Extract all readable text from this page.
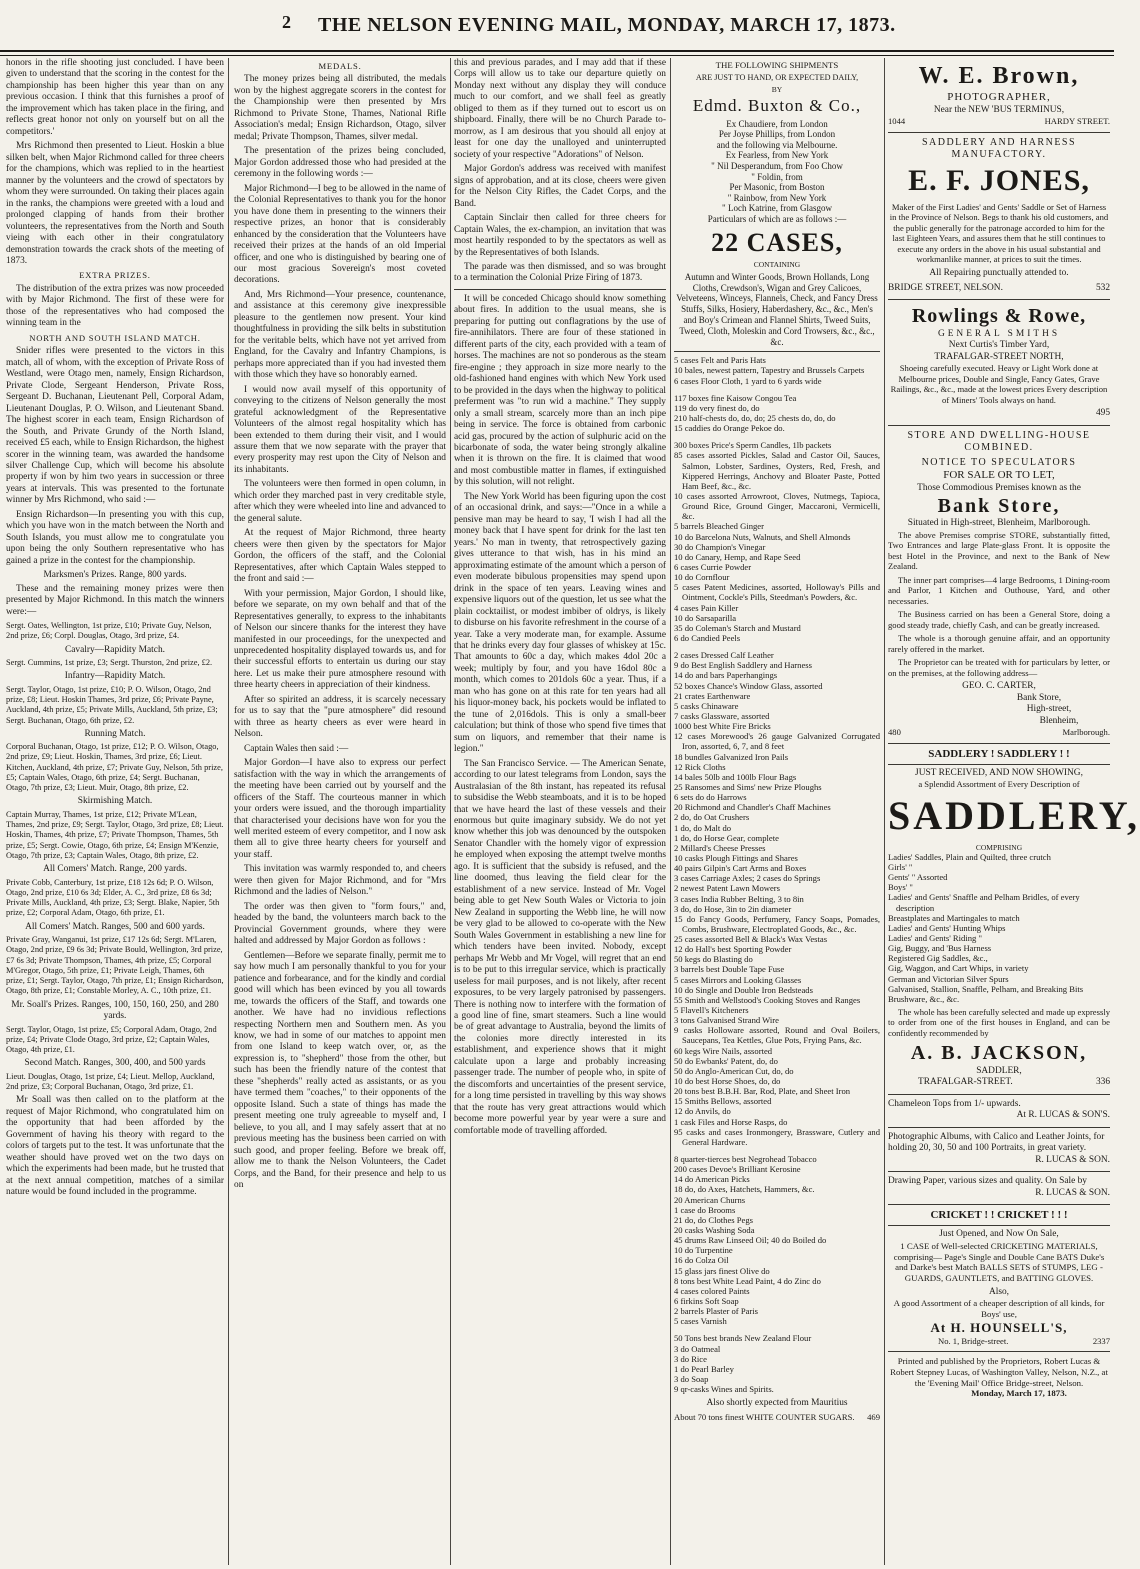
2 THE NELSON EVENING MAIL, MONDAY, MARCH 17, 1873.

honors in the rifle shooting just concluded. I have been given to understand that the scoring in the contest for the championship has been higher this year than on any previous occasion. I think that this furnishes a proof of the improvement which has taken place in the firing, and reflects great honor not only on yourself but on all the competitors.'

Mrs Richmond then presented to Lieut. Hoskin a blue silken belt, when Major Richmond called for three cheers for the champions, which was replied to in the heartiest manner by the volunteers and the crowd of spectators by whom they were surrounded. On taking their places again in the ranks, the champions were greeted with a loud and prolonged clapping of hands from their brother volunteers, the representatives from the North and South vieing with each other in their congratulatory demonstration towards the crack shots of the meeting of 1873.

EXTRA PRIZES.

The distribution of the extra prizes was now proceeded with by Major Richmond. The first of these were for those of the representatives who had composed the winning team in the

NORTH AND SOUTH ISLAND MATCH.

Snider rifles were presented to the victors in this match, all of whom, with the exception of Private Ross of Westland, were Otago men, namely, Ensign Richardson, Private Clode, Sergeant Henderson, Private Ross, Sergeant D. Buchanan, Lieutenant Pell, Corporal Adam, Lieutenant Douglas, P. O. Wilson, and Lieutenant Sband. The highest scorer in each team, Ensign Richardson of the South, and Private Grundy of the North Island, received £5 each, while to Ensign Richardson, the highest scorer in the winning team, was awarded the handsome silver Challenge Cup, which will become his absolute property if won by him two years in succession or three years at intervals. This was presented to the fortunate winner by Mrs Richmond, who said :—

Ensign Richardson—In presenting you with this cup, which you have won in the match between the North and South Islands, you must allow me to congratulate you upon being the only Southern representative who has gained a prize in the contest for the championship.

Marksmen's Prizes. Range, 800 yards.

These and the remaining money prizes were then presented by Major Richmond. In this match the winners were:—

Sergt. Oates, Wellington, 1st prize, £10; Private Guy, Nelson, 2nd prize, £6; Corpl. Douglas, Otago, 3rd prize, £4.

Cavalry—Rapidity Match.

Sergt. Cummins, 1st prize, £3; Sergt. Thurston, 2nd prize, £2.

Infantry—Rapidity Match.

Sergt. Taylor, Otago, 1st prize, £10; P. O. Wilson, Otago, 2nd prize, £8; Lieut. Hoskin Thames, 3rd prize, £6; Private Payne, Auckland, 4th prize, £5; Private Mills, Auckland, 5th prize, £3; Sergt. Buchanan, Otago, 6th prize, £2.

Running Match.

Corporal Buchanan, Otago, 1st prize, £12; P. O. Wilson, Otago, 2nd prize, £9; Lieut. Hoskin, Thames, 3rd prize, £6; Lieut. Kitchen, Auckland, 4th prize, £7; Private Guy, Nelson, 5th prize, £5; Captain Wales, Otago, 6th prize, £4; Sergt. Buchanan, Otago, 7th prize, £3; Lieut. Muir, Otago, 8th prize, £2.

Skirmishing Match.

Captain Murray, Thames, 1st prize, £12; Private M'Lean, Thames, 2nd prize, £9; Sergt. Taylor, Otago, 3rd prize, £8; Lieut. Hoskin, Thames, 4th prize, £7; Private Thompson, Thames, 5th prize, £5; Sergt. Cowie, Otago, 6th prize, £4; Ensign M'Kenzie, Otago, 7th prize, £3; Captain Wales, Otago, 8th prize, £2.

All Comers' Match. Range, 200 yards.

Private Cobb, Canterbury, 1st prize, £18 12s 6d; P. O. Wilson, Otago, 2nd prize, £10 6s 3d; Elder, A. C., 3rd prize, £8 6s 3d; Private Mills, Auckland, 4th prize, £3; Sergt. Blake, Napier, 5th prize, £2; Corporal Adam, Otago, 6th prize, £1.

All Comers' Match. Ranges, 500 and 600 yards.

Private Gray, Wanganui, 1st prize, £17 12s 6d; Sergt. M'Laren, Otago, 2nd prize, £9 6s 3d; Private Bould, Wellington, 3rd prize, £7 6s 3d; Private Thompson, Thames, 4th prize, £5; Corporal M'Gregor, Otago, 5th prize, £1; Private Leigh, Thames, 6th prize, £1; Sergt. Taylor, Otago, 7th prize, £1; Ensign Richardson, Otago, 8th prize, £1; Constable Morley, A. C., 10th prize, £1.

Mr. Soall's Prizes. Ranges, 100, 150, 160, 250, and 280 yards.

Sergt. Taylor, Otago, 1st prize, £5; Corporal Adam, Otago, 2nd prize, £4; Private Clode Otago, 3rd prize, £2; Captain Wales, Otago, 4th prize, £1.

Second Match. Ranges, 300, 400, and 500 yards

Lieut. Douglas, Otago, 1st prize, £4; Lieut. Mellop, Auckland, 2nd prize, £3; Corporal Buchanan, Otago, 3rd prize, £1.

Mr Soall was then called on to the platform at the request of Major Richmond, who congratulated him on the opportunity that had been afforded by the Government of having his theory with regard to the colors of targets put to the test. It was unfortunate that the weather should have proved wet on the two days on which the experiments had been made, but he trusted that at the next annual competition, matches of a similar nature would be found included in the programme.

MEDALS.

The money prizes being all distributed, the medals won by the highest aggregate scorers in the contest for the Championship were then presented by Mrs Richmond to Private Stone, Thames, National Rifle Association's medal; Ensign Richardson, Otago, silver medal; Private Thompson, Thames, silver medal.

The presentation of the prizes being concluded, Major Gordon addressed those who had presided at the ceremony in the following words :—

Major Richmond—I beg to be allowed in the name of the Colonial Representatives to thank you for the honor you have done them in presenting to the winners their respective prizes, an honor that is considerably enhanced by the consideration that the Volunteers have received their prizes at the hands of an old Imperial officer, and one who is distinguished by bearing one of our most gracious Sovereign's most coveted decorations.

And, Mrs Richmond—Your presence, countenance, and assistance at this ceremony give inexpressible pleasure to the gentlemen now present. Your kind thoughtfulness in providing the silk belts in substitution for the veritable belts, which have not yet arrived from England, for the Cavalry and Infantry Champions, is perhaps more appreciated than if you had invested them with those which they have so honorably earned.

I would now avail myself of this opportunity of conveying to the citizens of Nelson generally the most grateful acknowledgment of the Representative Volunteers of the almost regal hospitality which has been extended to them during their visit, and I would assure them that we now separate with the prayer that every prosperity may rest upon the City of Nelson and its inhabitants.

The volunteers were then formed in open column, in which order they marched past in very creditable style, after which they were wheeled into line and advanced to the general salute.

At the request of Major Richmond, three hearty cheers were then given by the spectators for Major Gordon, the officers of the staff, and the Colonial Representatives, after which Captain Wales stepped to the front and said :—

With your permission, Major Gordon, I should like, before we separate, on my own behalf and that of the Representatives generally, to express to the inhabitants of Nelson our sincere thanks for the interest they have manifested in our proceedings, for the unexpected and unprecedented hospitality displayed towards us, and for their successful efforts to entertain us during our stay here. Let us make their pure atmosphere resound with three hearty cheers in appreciation of their kindness.

After so spirited an address, it is scarcely necessary for us to say that the "pure atmosphere" did resound with three as hearty cheers as ever were heard in Nelson.

Captain Wales then said :—

Major Gordon—I have also to express our perfect satisfaction with the way in which the arrangements of the meeting have been carried out by yourself and the officers of the Staff. The courteous manner in which your orders were issued, and the thorough impartiality that characterised your decisions have won for you the well merited esteem of every competitor, and I now ask them all to give three hearty cheers for yourself and your staff.

This invitation was warmly responded to, and cheers were then given for Major Richmond, and for "Mrs Richmond and the ladies of Nelson."

The order was then given to "form fours," and, headed by the band, the volunteers march back to the Provincial Government grounds, where they were halted and addressed by Major Gordon as follows :

Gentlemen—Before we separate finally, permit me to say how much I am personally thankful to you for your patience and forbearance, and for the kindly and cordial good will which has been evinced by you all towards me, towards the officers of the Staff, and towards one another. We have had no invidious reflections respecting Northern men and Southern men. As you know, we had in some of our matches to appoint men from one Island to keep watch over, or, as the expression is, to "shepherd" those from the other, but such has been the friendly nature of the contest that these "shepherds" really acted as assistants, or as you have termed them "coaches," to their opponents of the opposite Island. Such a state of things has made the present meeting one truly agreeable to myself and, I believe, to you all, and I may safely assert that at no previous meeting has the business been carried on with such good, and proper feeling. Before we break off, allow me to thank the Nelson Volunteers, the Cadet Corps, and the Band, for their presence and help to us on

this and previous parades, and I may add that if these Corps will allow us to take our departure quietly on Monday next without any display they will conduce much to our comfort, and we shall feel as greatly obliged to them as if they turned out to escort us on shipboard. Finally, there will be no Church Parade to-morrow, as I am desirous that you should all enjoy at least for one day the unalloyed and uninterrupted society of your respective "Adorations" of Nelson.

Major Gordon's address was received with manifest signs of approbation, and at its close, cheers were given for the Nelson City Rifles, the Cadet Corps, and the Band.

Captain Sinclair then called for three cheers for Captain Wales, the ex-champion, an invitation that was most heartily responded to by the spectators as well as by the Representatives of both Islands.

The parade was then dismissed, and so was brought to a termination the Colonial Prize Firing of 1873.

It will be conceded Chicago should know something about fires. In addition to the usual means, she is preparing for putting out conflagrations by the use of fire-annihilators. There are four of these stationed in different parts of the city, each provided with a team of horses. The machines are not so ponderous as the steam fire-engine ; they approach in size more nearly to the old-fashioned hand engines with which New York used to be provided in the days when the highway to political preferment was "to run wid a machine." They supply only a small stream, scarcely more than an inch pipe being in service. The force is obtained from carbonic acid gas, procured by the action of sulphuric acid on the bicarbonate of soda, the water being strongly alkaline when it is thrown on the fire. It is claimed that wood and most combustible matter in flames, if extinguished by this solution, will not relight.

The New York World has been figuring upon the cost of an occasional drink, and says:—"Once in a while a pensive man may be heard to say, 'I wish I had all the money back that I have spent for drink for the last ten years.' No man in twenty, that retrospectively gazing gives utterance to that wish, has in his mind an approximating estimate of the amount which a person of even moderate bibulous propensities may spend upon drink in the space of ten years. Leaving wines and expensive liquors out of the question, let us see what the plain cocktailist, or modest imbiber of oldrys, is likely to disburse on his favorite refreshment in the course of a year. Take a very moderate man, for example. Assume that he drinks every day four glasses of whiskey at 15c. That amounts to 60c a day, which makes 4dol 20c a week; multiply by four, and you have 16dol 80c a month, which comes to 201dols 60c a year. Thus, if a man who has gone on at this rate for ten years had all his liquor-money back, his pockets would be inflated to the tune of 2,016dols. This is only a small-beer calculation; but think of those who spend five times that sum on liquors, and remember that their name is legion."

The San Francisco Service. — The American Senate, according to our latest telegrams from London, says the Australasian of the 8th instant, has repeated its refusal to subsidise the Webb steamboats, and it is to be hoped that we have heard the last of these vessels and their enormous but quite imaginary subsidy. We do not yet know whether this job was denounced by the outspoken Senator Chandler with the homely vigor of expression he employed when exposing the attempt twelve months ago. It is sufficient that the subsidy is refused, and the line doomed, thus leaving the field clear for the establishment of a new service. Instead of Mr. Vogel being able to get New South Wales or Victoria to join New Zealand in supporting the Webb line, he will now be very glad to be allowed to co-operate with the New South Wales Government in establishing a new line for which tenders have been invited. Nobody, except perhaps Mr Webb and Mr Vogel, will regret that an end is to be put to this irregular service, which is practically useless for mail purposes, and is not likely, after recent exposures, to be very largely patronised by passengers. There is nothing now to interfere with the formation of a good line of fine, smart steamers. Such a line would be of great advantage to Australia, beyond the limits of the colonies more directly interested in its establishment, and experience shows that it might calculate upon a large and probably increasing passenger trade. The number of people who, in spite of the discomforts and uncertainties of the present service, for a long time persisted in travelling by this way shows that the route has very great attractions would which become more powerful year by year were a sure and comfortable mode of travelling afforded.

THE FOLLOWING SHIPMENTS
ARE JUST TO HAND, OR EXPECTED DAILY,
BY
Edmd. Buxton & Co.,
Ex Chaudiere, from London
Per Joyse Phillips, from London
and the following via Melbourne.
Ex Fearless, from New York
" Nil Desperandum, from Foo Chow
" Foldin, from
Per Masonic, from Boston
" Rainbow, from New York
" Loch Katrine, from Glasgow
Particulars of which are as follows :—
22 CASES,
CONTAINING

Autumn and Winter Goods, Brown Hollands, Long Cloths, Crewdson's, Wigan and Grey Calicoes, Velveteens, Winceys, Flannels, Check, and Fancy Dress Stuffs, Silks, Hosiery, Haberdashery, &c., &c., Men's and Boy's Crimean and Flannel Shirts, Tweed Suits, Tweed, Cloth, Moleskin and Cord Trowsers, &c., &c., &c.

5 cases Felt and Paris Hats
10 bales, newest pattern, Tapestry and Brussels Carpets
6 cases Floor Cloth, 1 yard to 6 yards wide
117 boxes fine Kaisow Congou Tea
119 do very finest do, do
210 half-chests do, do, do; 25 chests do, do, do
15 caddies do Orange Pekoe do.
300 boxes Price's Sperm Candles, 1lb packets
85 cases assorted Pickles, Salad and Castor Oil, Sauces, Salmon, Lobster, Sardines, Oysters, Red, Fresh, and Kippered Herrings, Anchovy and Bloater Paste, Potted Ham Beef, &c., &c.
10 cases assorted Arrowroot, Cloves, Nutmegs, Tapioca, Ground Rice, Ground Ginger, Maccaroni, Vermicelli, &c.
5 barrels Bleached Ginger
10 do Barcelona Nuts, Walnuts, and Shell Almonds
30 do Champion's Vinegar
10 do Canary, Hemp, and Rape Seed
6 cases Currie Powder
10 do Cornflour
5 cases Patent Medicines, assorted, Holloway's Pills and Ointment, Cockle's Pills, Steedman's Powders, &c.
4 cases Pain Killer
10 do Sarsaparilla
35 do Coleman's Starch and Mustard
6 do Candied Peels
2 cases Dressed Calf Leather
9 do Best English Saddlery and Harness
14 do and bars Paperhangings
52 boxes Chance's Window Glass, assorted
21 crates Earthenware
5 casks Chinaware
7 casks Glassware, assorted
1000 best White Fire Bricks
12 cases Morewood's 26 gauge Galvanized Corrugated Iron, assorted, 6, 7, and 8 feet
18 bundles Galvanized Iron Pails
12 Rick Cloths
14 bales 50lb and 100lb Flour Bags
25 Ransomes and Sims' new Prize Ploughs
6 sets do do Harrows
20 Richmond and Chandler's Chaff Machines
2 do, do Oat Crushers
1 do, do Malt do
1 do, do Horse Gear, complete
2 Millard's Cheese Presses
10 casks Plough Fittings and Shares
40 pairs Gilpin's Cart Arms and Boxes
3 cases Carriage Axles; 2 cases do Springs
2 newest Patent Lawn Mowers
3 cases India Rubber Belting, 3 to 8in
3 do, do Hose, 3in to 2in diameter
15 do Fancy Goods, Perfumery, Fancy Soaps, Pomades, Combs, Brushware, Electroplated Goods, &c., &c.
25 cases assorted Bell & Black's Wax Vestas
12 do Hall's best Sporting Powder
50 kegs do Blasting do
3 barrels best Double Tape Fuse
5 cases Mirrors and Looking Glasses
10 do Single and Double Iron Bedsteads
55 Smith and Wellstood's Cooking Stoves and Ranges
5 Flavell's Kitcheners
3 tons Galvanised Strand Wire
9 casks Holloware assorted, Round and Oval Boilers, Saucepans, Tea Kettles, Glue Pots, Frying Pans, &c.
60 kegs Wire Nails, assorted
50 do Ewbanks' Patent, do, do
50 do Anglo-American Cut, do, do
10 do best Horse Shoes, do, do
20 tons best B.B.H. Bar, Rod, Plate, and Sheet Iron
15 Smiths Bellows, assorted
12 do Anvils, do
1 cask Files and Horse Rasps, do
95 casks and cases Ironmongery, Brassware, Cutlery and General Hardware.
8 quarter-tierces best Negrohead Tobacco
200 cases Devoe's Brilliant Kerosine
14 do American Picks
18 do, do Axes, Hatchets, Hammers, &c.
20 American Churns
1 case do Brooms
21 do, do Clothes Pegs
20 casks Washing Soda
45 drums Raw Linseed Oil; 40 do Boiled do
10 do Turpentine
16 do Colza Oil
15 glass jars finest Olive do
8 tons best White Lead Paint, 4 do Zinc do
4 cases colored Paints
6 firkins Soft Soap
2 barrels Plaster of Paris
5 cases Varnish
50 Tons best brands New Zealand Flour
3 do Oatmeal
3 do Rice
1 do Pearl Barley
3 do Soap
9 qr-casks Wines and Spirits.
Also shortly expected from Mauritius
About 70 tons finest WHITE COUNTER SUGARS. 469
W. E. Brown,
PHOTOGRAPHER,
Near the NEW 'BUS TERMINUS,
1044	HARDY STREET.
SADDLERY AND HARNESS MANUFACTORY.
E. F. JONES,

Maker of the First Ladies' and Gents' Saddle or Set of Harness in the Province of Nelson. Begs to thank his old customers, and the public generally for the patronage accorded to him for the last Eighteen Years, and assures them that he still continues to execute any orders in the above in his usual substantial and workmanlike manner, at prices to suit the times.

All Repairing punctually attended to.
BRIDGE STREET, NELSON.	532
Rowlings & Rowe,
GENERAL SMITHS
Next Curtis's Timber Yard,
TRAFALGAR-STREET NORTH,

Shoeing carefully executed. Heavy or Light Work done at Melbourne prices, Double and Single, Fancy Gates, Grave Railings, &c., &c., made at the lowest prices Every description of Miners' Tools always on hand.

495
STORE AND DWELLING-HOUSE COMBINED.
NOTICE TO SPECULATORS
FOR SALE OR TO LET,
Those Commodious Premises known as the
Bank Store,
Situated in High-street, Blenheim, Marlborough.

The above Premises comprise STORE, substantially fitted, Two Entrances and large Plate-glass Front. It is opposite the best Hotel in the Province, and next to the Bank of New Zealand.

The inner part comprises—4 large Bedrooms, 1 Dining-room and Parlor, 1 Kitchen and Outhouse, Yard, and other necessaries.

The Business carried on has been a General Store, doing a good steady trade, chiefly Cash, and can be greatly increased.

The whole is a thorough genuine affair, and an opportunity rarely offered in the market.

The Proprietor can be treated with for particulars by letter, or on the premises, at the following address—

GEO. C. CARTER,
Bank Store,
High-street,
Blenheim,
480	Marlborough.
SADDLERY ! SADDLERY ! !
JUST RECEIVED, AND NOW SHOWING,
a Splendid Assortment of Every Description of
SADDLERY,
COMPRISING
Ladies' Saddles, Plain and Quilted, three crutch
Girls' "
Gents' " Assorted
Boys' "
Ladies' and Gents' Snaffle and Pelham Bridles, of every description
Breastplates and Martingales to match
Ladies' and Gents' Hunting Whips
Ladies' and Gents' Riding "
Gig, Buggy, and 'Bus Harness
Registered Gig Saddles, &c.,
Gig, Waggon, and Cart Whips, in variety
German and Victorian Silver Spurs
Galvanised, Stallion, Snaffle, Pelham, and Breaking Bits
Brushware, &c., &c.

The whole has been carefully selected and made up expressly to order from one of the first houses in England, and can be confidently recommended by

A. B. JACKSON,
SADDLER,
TRAFALGAR-STREET.	336
Chameleon Tops from 1/- upwards.
At R. LUCAS & SON'S.
Photographic Albums, with Calico and Leather Joints, for holding 20, 30, 50 and 100 Portraits, in great variety.
R. LUCAS & SON.
Drawing Paper, various sizes and quality. On Sale by
R. LUCAS & SON.
CRICKET ! ! CRICKET ! ! !
Just Opened, and Now On Sale,

1 CASE of Well-selected CRICKETING MATERIALS, comprising— Page's Single and Double Cane BATS Duke's and Darke's best Match BALLS SETS of STUMPS, LEG - GUARDS, GAUNTLETS, and BATTING GLOVES.

Also,
A good Assortment of a cheaper description of all kinds, for Boys' use,
At H. HOUNSELL'S,
No. 1, Bridge-street.	2337
Printed and published by the Proprietors, Robert Lucas & Robert Stepney Lucas, of Washington Valley, Nelson, N.Z., at the 'Evening Mail' Office Bridge-street, Nelson.
Monday, March 17, 1873.
